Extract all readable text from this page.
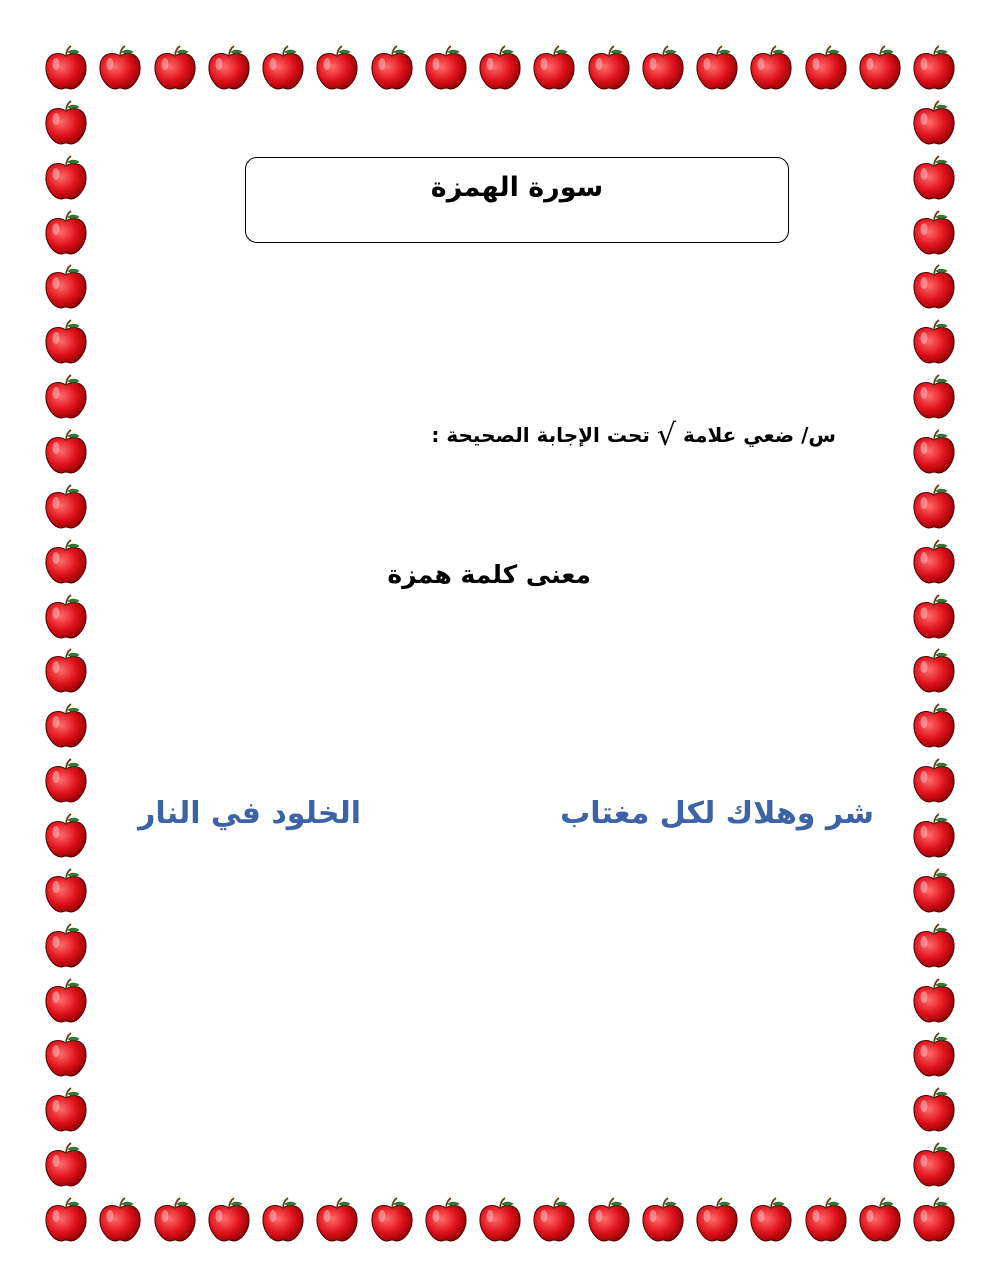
سورة الهمزة
س/ ضعي علامة √ تحت الإجابة الصحيحة :
معنى كلمة همزة
شر وهلاك لكل مغتاب
الخلود في النار
